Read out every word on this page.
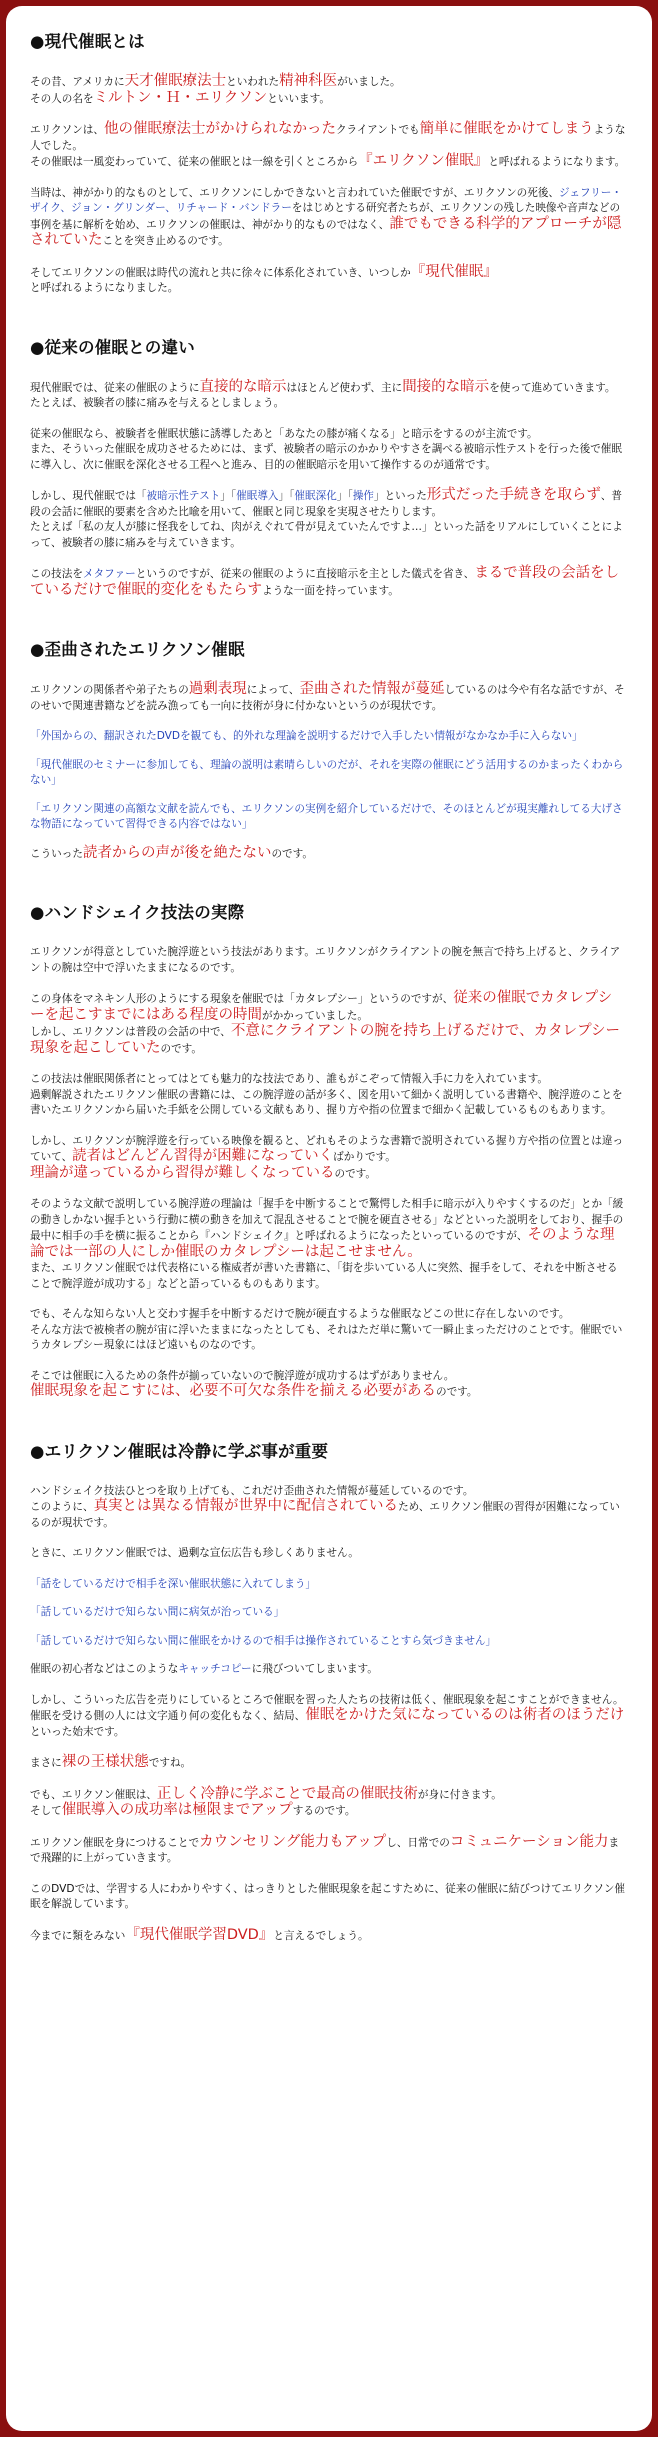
●現代催眠とは

その昔、アメリカに天才催眠療法士といわれた精神科医がいました。
その人の名をミルトン・Ｈ・エリクソンといいます。

エリクソンは、他の催眠療法士がかけられなかったクライアントでも簡単に催眠をかけてしまうような人でした。
その催眠は一風変わっていて、従来の催眠とは一線を引くところから『エリクソン催眠』と呼ばれるようになります。

当時は、神がかり的なものとして、エリクソンにしかできないと言われていた催眠ですが、エリクソンの死後、ジェフリー・ザイク、ジョン・グリンダー、リチャード・バンドラーをはじめとする研究者たちが、エリクソンの残した映像や音声などの事例を基に解析を始め、エリクソンの催眠は、神がかり的なものではなく、誰でもできる科学的アプローチが隠されていたことを突き止めるのです。

そしてエリクソンの催眠は時代の流れと共に徐々に体系化されていき、いつしか『現代催眠』
と呼ばれるようになりました。

●従来の催眠との違い

現代催眠では、従来の催眠のように直接的な暗示はほとんど使わず、主に間接的な暗示を使って進めていきます。
たとえば、被験者の膝に痛みを与えるとしましょう。

従来の催眠なら、被験者を催眠状態に誘導したあと「あなたの膝が痛くなる」と暗示をするのが主流です。
また、そういった催眠を成功させるためには、まず、被験者の暗示のかかりやすさを調べる被暗示性テストを行った後で催眠に導入し、次に催眠を深化させる工程へと進み、目的の催眠暗示を用いて操作するのが通常です。

しかし、現代催眠では「被暗示性テスト」「催眠導入」「催眠深化」「操作」といった形式だった手続きを取らず、普段の会話に催眠的要素を含めた比喩を用いて、催眠と同じ現象を実現させたりします。
たとえば「私の友人が膝に怪我をしてね、肉がえぐれて骨が見えていたんですよ…」といった話をリアルにしていくことによって、被験者の膝に痛みを与えていきます。

この技法をメタファーというのですが、従来の催眠のように直接暗示を主とした儀式を省き、まるで普段の会話をしているだけで催眠的変化をもたらすような一面を持っています。

●歪曲されたエリクソン催眠

エリクソンの関係者や弟子たちの過剰表現によって、歪曲された情報が蔓延しているのは今や有名な話ですが、そのせいで関連書籍などを読み漁っても一向に技術が身に付かないというのが現状です。

「外国からの、翻訳されたDVDを観ても、的外れな理論を説明するだけで入手したい情報がなかなか手に入らない」

「現代催眠のセミナーに参加しても、理論の説明は素晴らしいのだが、それを実際の催眠にどう活用するのかまったくわからない」

「エリクソン関連の高額な文献を読んでも、エリクソンの実例を紹介しているだけで、そのほとんどが現実離れしてる大げさな物語になっていて習得できる内容ではない」

こういった読者からの声が後を絶たないのです。

●ハンドシェイク技法の実際

エリクソンが得意としていた腕浮遊という技法があります。エリクソンがクライアントの腕を無言で持ち上げると、クライアントの腕は空中で浮いたままになるのです。

この身体をマネキン人形のようにする現象を催眠では「カタレプシー」というのですが、従来の催眠でカタレプシーを起こすまでにはある程度の時間がかかっていました。
しかし、エリクソンは普段の会話の中で、不意にクライアントの腕を持ち上げるだけで、カタレプシー現象を起こしていたのです。

この技法は催眠関係者にとってはとても魅力的な技法であり、誰もがこぞって情報入手に力を入れています。
過剰解説されたエリクソン催眠の書籍には、この腕浮遊の話が多く、図を用いて細かく説明している書籍や、腕浮遊のことを書いたエリクソンから届いた手紙を公開している文献もあり、握り方や指の位置まで細かく記載しているものもあります。

しかし、エリクソンが腕浮遊を行っている映像を観ると、どれもそのような書籍で説明されている握り方や指の位置とは違っていて、読者はどんどん習得が困難になっていくばかりです。
理論が違っているから習得が難しくなっているのです。

そのような文献で説明している腕浮遊の理論は「握手を中断することで驚愕した相手に暗示が入りやすくするのだ」とか「緩の動きしかない握手という行動に横の動きを加えて混乱させることで腕を硬直させる」などといった説明をしており、握手の最中に相手の手を横に振ることから『ハンドシェイク』と呼ばれるようになったといっているのですが、そのような理論では一部の人にしか催眠のカタレプシーは起こせません。
また、エリクソン催眠では代表格にいる権威者が書いた書籍に、「街を歩いている人に突然、握手をして、それを中断させることで腕浮遊が成功する」などと語っているものもあります。

でも、そんな知らない人と交わす握手を中断するだけで腕が硬直するような催眠などこの世に存在しないのです。
そんな方法で被検者の腕が宙に浮いたままになったとしても、それはただ単に驚いて一瞬止まっただけのことです。催眠でいうカタレプシー現象にはほど遠いものなのです。

そこでは催眠に入るための条件が揃っていないので腕浮遊が成功するはずがありません。
催眠現象を起こすには、必要不可欠な条件を揃える必要があるのです。

●エリクソン催眠は冷静に学ぶ事が重要

ハンドシェイク技法ひとつを取り上げても、これだけ歪曲された情報が蔓延しているのです。
このように、真実とは異なる情報が世界中に配信されているため、エリクソン催眠の習得が困難になっているのが現状です。

ときに、エリクソン催眠では、過剰な宣伝広告も珍しくありません。

「話をしているだけで相手を深い催眠状態に入れてしまう」

「話しているだけで知らない間に病気が治っている」

「話しているだけで知らない間に催眠をかけるので相手は操作されていることすら気づきません」

催眠の初心者などはこのようなキャッチコピーに飛びついてしまいます。

しかし、こういった広告を売りにしているところで催眠を習った人たちの技術は低く、催眠現象を起こすことができません。催眠を受ける側の人には文字通り何の変化もなく、結局、催眠をかけた気になっているのは術者のほうだけといった始末です。

まさに裸の王様状態ですね。

でも、エリクソン催眠は、正しく冷静に学ぶことで最高の催眠技術が身に付きます。
そして催眠導入の成功率は極限までアップするのです。

エリクソン催眠を身につけることでカウンセリング能力もアップし、日常でのコミュニケーション能力まで飛躍的に上がっていきます。

このDVDでは、学習する人にわかりやすく、はっきりとした催眠現象を起こすために、従来の催眠に結びつけてエリクソン催眠を解説しています。

今までに類をみない『現代催眠学習DVD』と言えるでしょう。
